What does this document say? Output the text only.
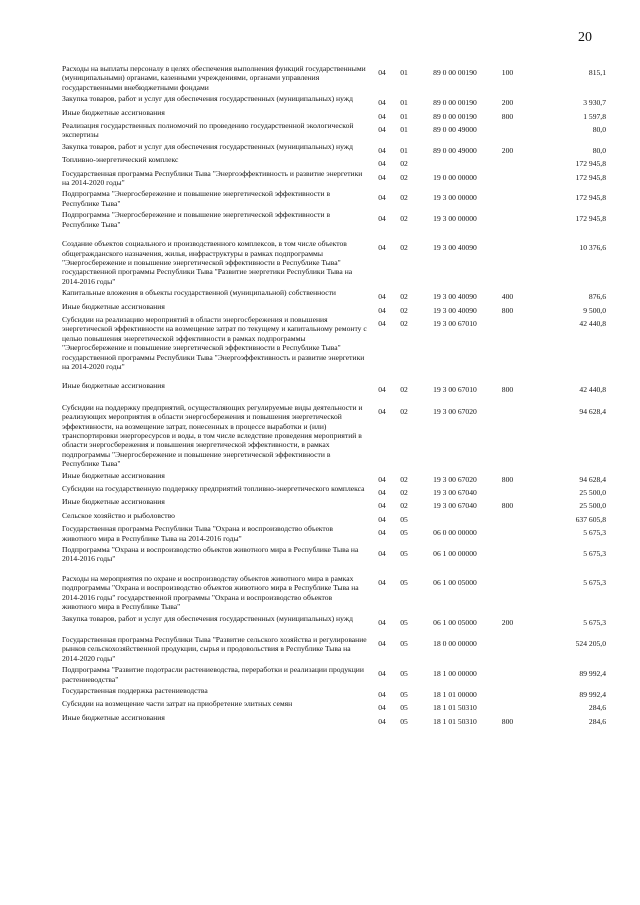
20
Расходы на выплаты персоналу в целях обеспечения выполнения функций государственными (муниципальными) органами, казенными учреждениями, органами управления государственными внебюджетными фондами	04	01	89 0 00 00190	100	815,1
Закупка товаров, работ и услуг для обеспечения государственных (муниципальных) нужд	04	01	89 0 00 00190	200	3 930,7
Иные бюджетные ассигнования	04	01	89 0 00 00190	800	1 597,8
Реализация государственных полномочий по проведению государственной экологической экспертизы	04	01	89 0 00 49000		80,0
Закупка товаров, работ и услуг для обеспечения государственных (муниципальных) нужд	04	01	89 0 00 49000	200	80,0
Топливно-энергетический комплекс	04	02			172 945,8
Государственная программа Республики Тыва "Энергоэффективность и развитие энергетики на 2014-2020 годы"	04	02	19 0 00 00000		172 945,8
Подпрограмма "Энергосбережение и повышение энергетической эффективности в Республике Тыва"	04	02	19 3 00 00000		172 945,8
Подпрограмма "Энергосбережение и повышение энергетической эффективности в Республике Тыва"	04	02	19 3 00 00000		172 945,8

Создание объектов социального и производственного комплексов, в том числе объектов общегражданского назначения, жилья, инфраструктуры в рамках подпрограммы "Энергосбережение и повышение энергетической эффективности в Республике Тыва" государственной программы Республики Тыва "Развитие энергетики Республики Тыва на 2014-2016 годы"	04	02	19 3 00 40090		10 376,6
Капитальные вложения в объекты государственной (муниципальной) собственности	04	02	19 3 00 40090	400	876,6
Иные бюджетные ассигнования	04	02	19 3 00 40090	800	9 500,0
Субсидии на реализацию мероприятий в области энергосбережения и повышения энергетической эффективности на возмещение затрат по текущему и капитальному ремонту с целью повышения энергетической эффективности в рамках подпрограммы "Энергосбережение и повышение энергетической эффективности в Республике Тыва" государственной программы Республики Тыва "Энергоэффективность и развитие энергетики на 2014-2020 годы"	04	02	19 3 00 67010		42 440,8

Иные бюджетные ассигнования	04	02	19 3 00 67010	800	42 440,8

Субсидии на поддержку предприятий, осуществляющих регулируемые виды деятельности и реализующих мероприятия в области энергосбережения и повышения энергетической эффективности, на возмещение затрат, понесенных в процессе выработки и (или) транспортировки энергоресурсов и воды, в том числе вследствие проведения мероприятий в области энергосбережения и повышения энергетической эффективности, в рамках подпрограммы "Энергосбережение и повышение энергетической эффективности в Республике Тыва"	04	02	19 3 00 67020		94 628,4
Иные бюджетные ассигнования	04	02	19 3 00 67020	800	94 628,4
Субсидии на государственную поддержку предприятий топливно-энергетического комплекса	04	02	19 3 00 67040		25 500,0
Иные бюджетные ассигнования	04	02	19 3 00 67040	800	25 500,0
Сельское хозяйство и рыболовство	04	05			637 605,8
Государственная программа Республики Тыва "Охрана и воспроизводство объектов животного мира в Республике Тыва на 2014-2016 годы"	04	05	06 0 00 00000		5 675,3
Подпрограмма "Охрана и воспроизводство объектов животного мира в Республике Тыва на 2014-2016 годы"	04	05	06 1 00 00000		5 675,3

Расходы на мероприятия по охране и воспроизводству объектов животного мира в рамках подпрограммы "Охрана и воспроизводство объектов животного мира в Республике Тыва на 2014-2016 годы" государственной программы "Охрана и воспроизводство объектов животного мира в Республике Тыва"	04	05	06 1 00 05000		5 675,3
Закупка товаров, работ и услуг для обеспечения государственных (муниципальных) нужд	04	05	06 1 00 05000	200	5 675,3

Государственная программа Республики Тыва "Развитие сельского хозяйства и регулирование рынков сельскохозяйственной продукции, сырья и продовольствия в Республике Тыва на 2014-2020 годы"	04	05	18 0 00 00000		524 205,0
Подпрограмма "Развитие подотрасли растениеводства, переработки и реализации продукции растениеводства"	04	05	18 1 00 00000		89 992,4
Государственная поддержка растениеводства	04	05	18 1 01 00000		89 992,4
Субсидии на возмещение части затрат на приобретение элитных семян	04	05	18 1 01 50310		284,6
Иные бюджетные ассигнования	04	05	18 1 01 50310	800	284,6
